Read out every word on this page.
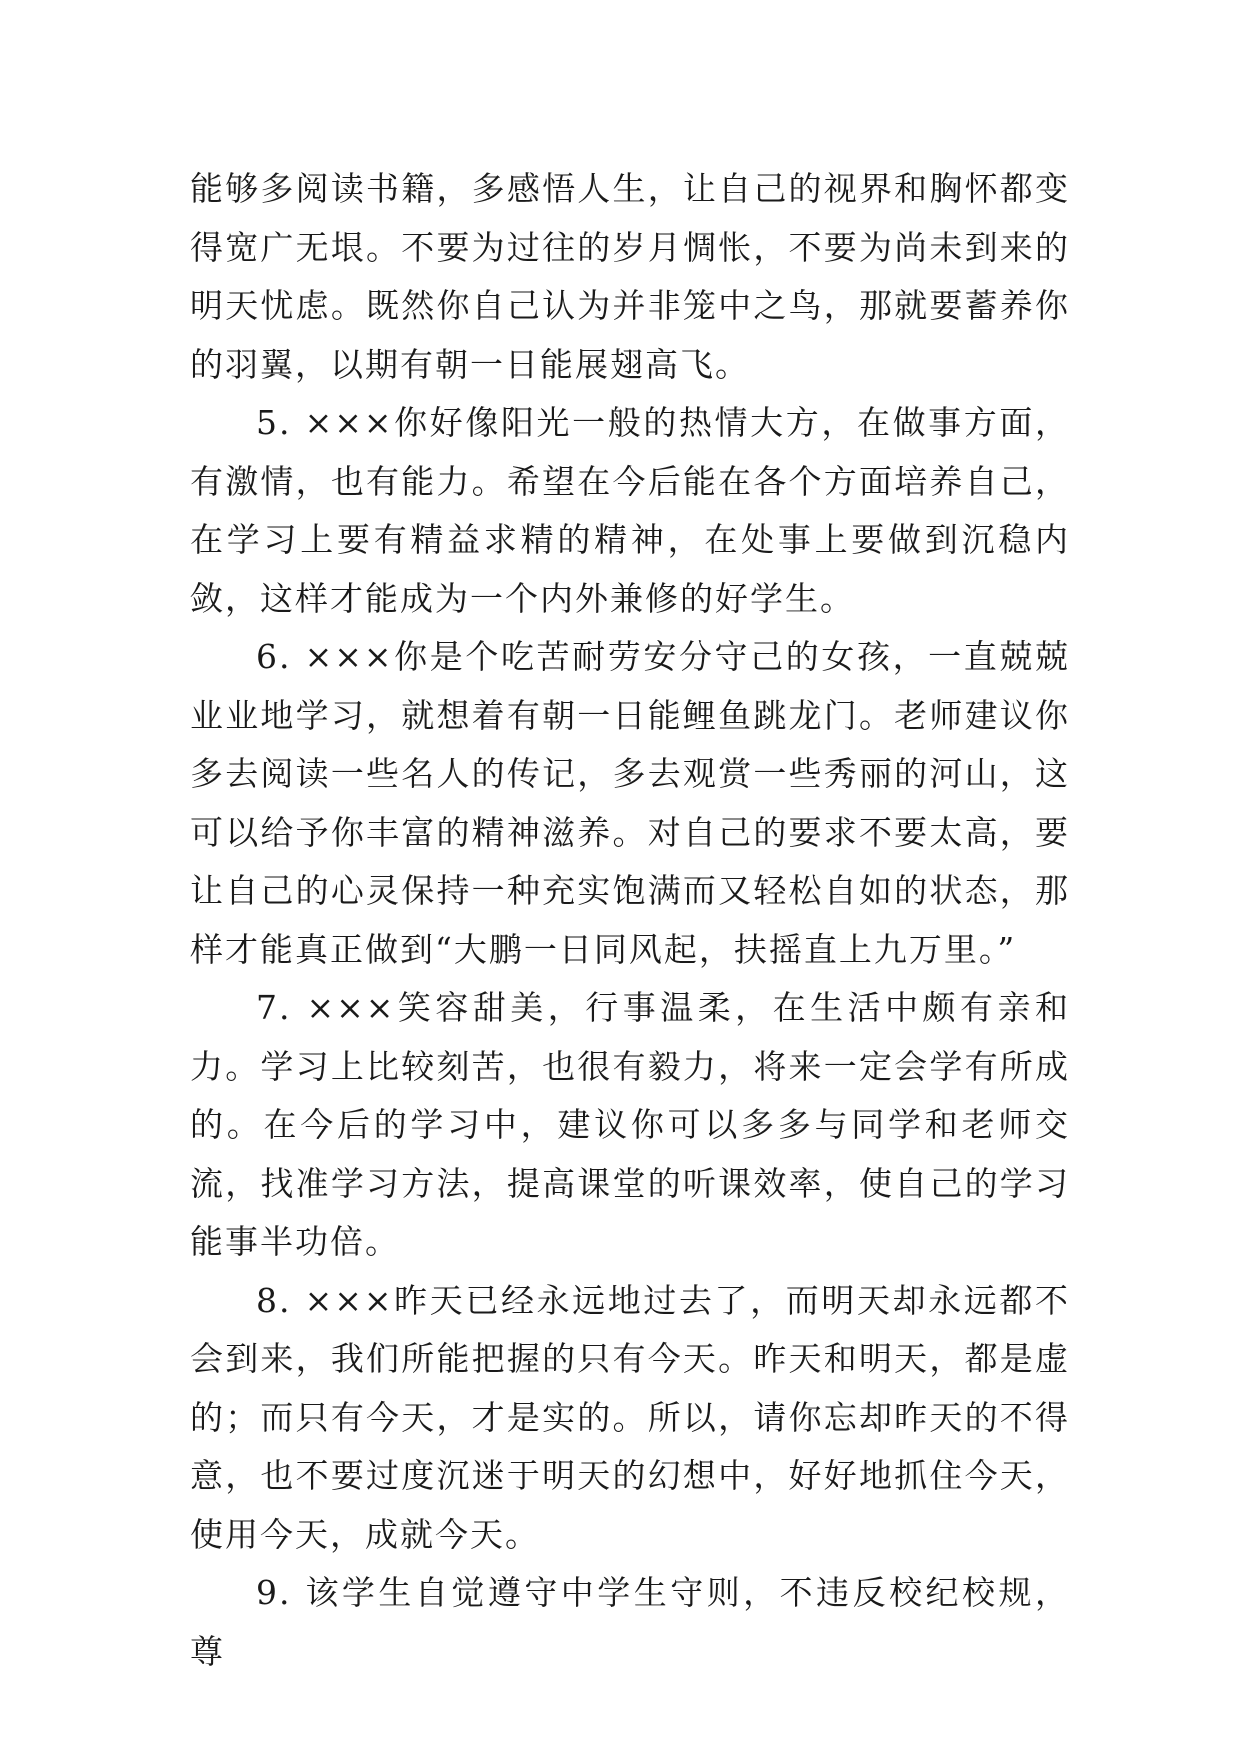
能够多阅读书籍，多感悟人生，让自己的视界和胸怀都变得宽广无垠。不要为过往的岁月惆怅，不要为尚未到来的明天忧虑。既然你自己认为并非笼中之鸟，那就要蓄养你的羽翼，以期有朝一日能展翅高飞。

5. ×××你好像阳光一般的热情大方，在做事方面，有激情，也有能力。希望在今后能在各个方面培养自己，在学习上要有精益求精的精神，在处事上要做到沉稳内敛，这样才能成为一个内外兼修的好学生。

6. ×××你是个吃苦耐劳安分守己的女孩，一直兢兢业业地学习，就想着有朝一日能鲤鱼跳龙门。老师建议你多去阅读一些名人的传记，多去观赏一些秀丽的河山，这可以给予你丰富的精神滋养。对自己的要求不要太高，要让自己的心灵保持一种充实饱满而又轻松自如的状态，那样才能真正做到“大鹏一日同风起，扶摇直上九万里。”

7. ×××笑容甜美，行事温柔，在生活中颇有亲和力。学习上比较刻苦，也很有毅力，将来一定会学有所成的。在今后的学习中，建议你可以多多与同学和老师交流，找准学习方法，提高课堂的听课效率，使自己的学习能事半功倍。

8. ×××昨天已经永远地过去了，而明天却永远都不会到来，我们所能把握的只有今天。昨天和明天，都是虚的；而只有今天，才是实的。所以，请你忘却昨天的不得意，也不要过度沉迷于明天的幻想中，好好地抓住今天，使用今天，成就今天。

9. 该学生自觉遵守中学生守则，不违反校纪校规，尊
